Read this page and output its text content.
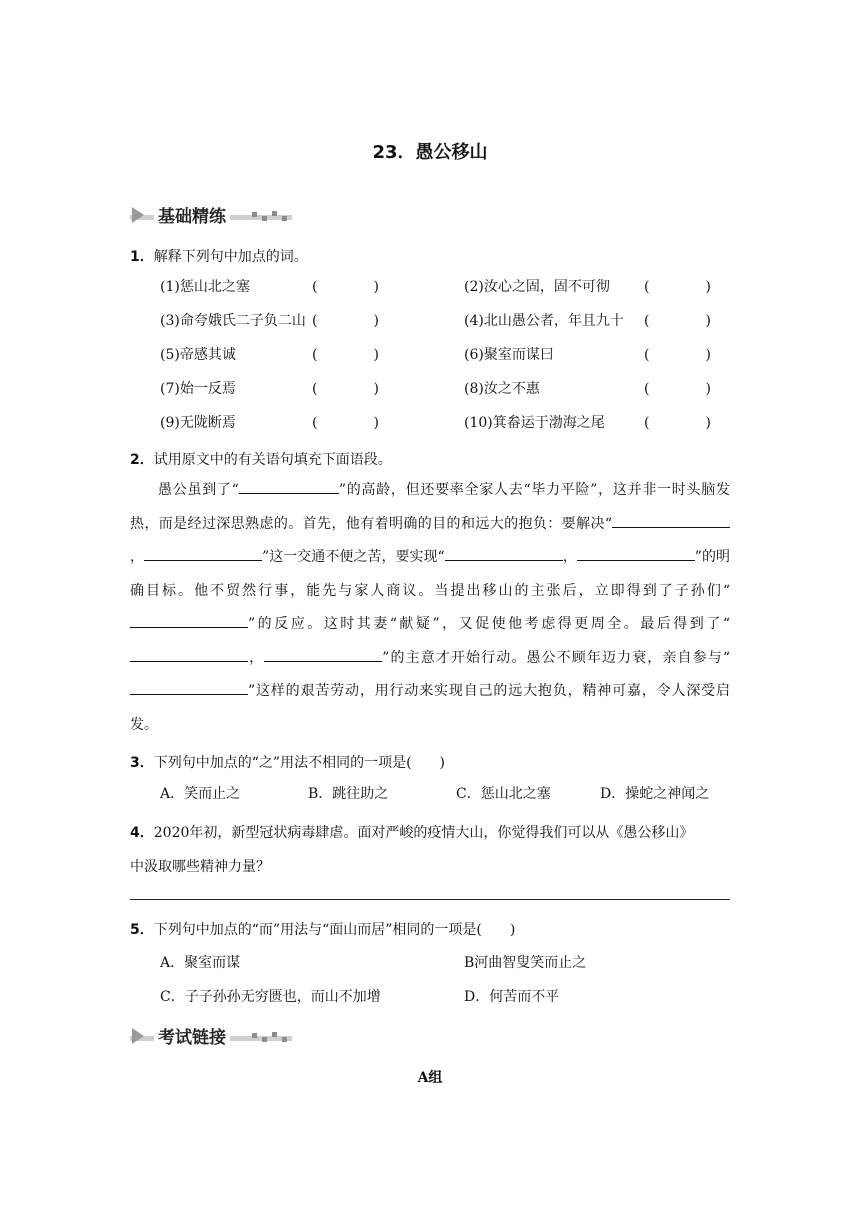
23．愚公移山
基础精练
1．解释下列句中加点的词。
(1)惩山北之塞	(　　　　)	(2)汝心之固，固不可彻 (　　　　)
(3)命夸娥氏二子负二山 (　　　　)	(4)北山愚公者，年且九十 (　　　　)
(5)帝感其诚	(　　　　)	(6)聚室而谋曰	(　　　　)
(7)始一反焉	(　　　　)	(8)汝之不惠	(　　　　)
(9)无陇断焉	(　　　　)	(10)箕畚运于渤海之尾	(　　　　)
2．试用原文中的有关语句填充下面语段。
愚公虽到了“	”的高龄，但还要率全家人去“毕力平险”，这并非一时头脑发热，而是经过深思熟虑的。首先，他有着明确的目的和远大的抱负：要解决“，	”这一交通不便之苦，要实现“	，	”的明确目标。他不贸然行事，能先与家人商议。当提出移山的主张后，立即得到了子孙们“”的反应。这时其妻“献疑”，又促使他考虑得更周全。最后得到了“，	”的主意才开始行动。愚公不顾年迈力衰，亲自参与“”这样的艰苦劳动，用行动来实现自己的远大抱负，精神可嘉，令人深受启发。
3．下列句中加点的“之”用法不相同的一项是(　　)
A．笑而止之	B．跳往助之	C．惩山北之塞	D．操蛇之神闻之
4．2020年初，新型冠状病毒肆虐。面对严峻的疫情大山，你觉得我们可以从《愚公移山》
中汲取哪些精神力量？
5．下列句中加点的“而”用法与“面山而居”相同的一项是(　　)
A．聚室而谋	B河曲智叟笑而止之
C．子子孙孙无穷匮也，而山不加增	D．何苦而不平
考试链接
A组
